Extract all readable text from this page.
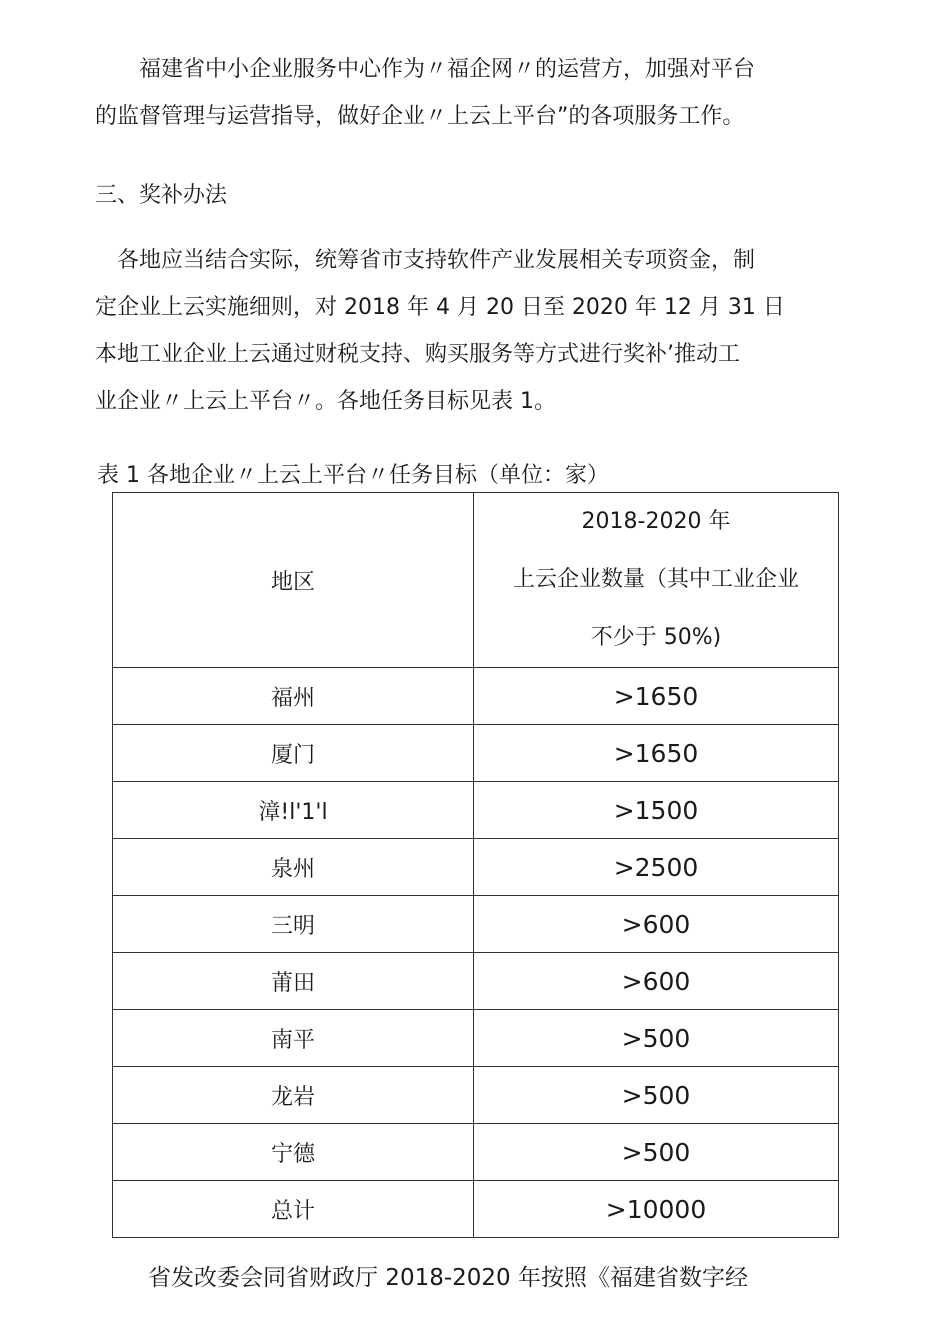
　　福建省中小企业服务中心作为〃福企网〃的运营方，加强对平台
的监督管理与运营指导，做好企业〃上云上平台”的各项服务工作。
三、奖补办法
　各地应当结合实际，统筹省市支持软件产业发展相关专项资金，制
定企业上云实施细则，对 2018 年 4 月 20 日至 2020 年 12 月 31 日
本地工业企业上云通过财税支持、购买服务等方式进行奖补’推动工
业企业〃上云上平台〃。各地任务目标见表 1。
表 1 各地企业〃上云上平台〃任务目标（单位：家）
地区	2018-2020 年
上云企业数量（其中工业企业
不少于 50%)

福州	>1650
厦门	>1650
漳!l'1'l	>1500
泉州	>2500
三明	>600
莆田	>600
南平	>500
龙岩	>500
宁德	>500
总计	>10000
省发改委会同省财政厅 2018-2020 年按照《福建省数字经
